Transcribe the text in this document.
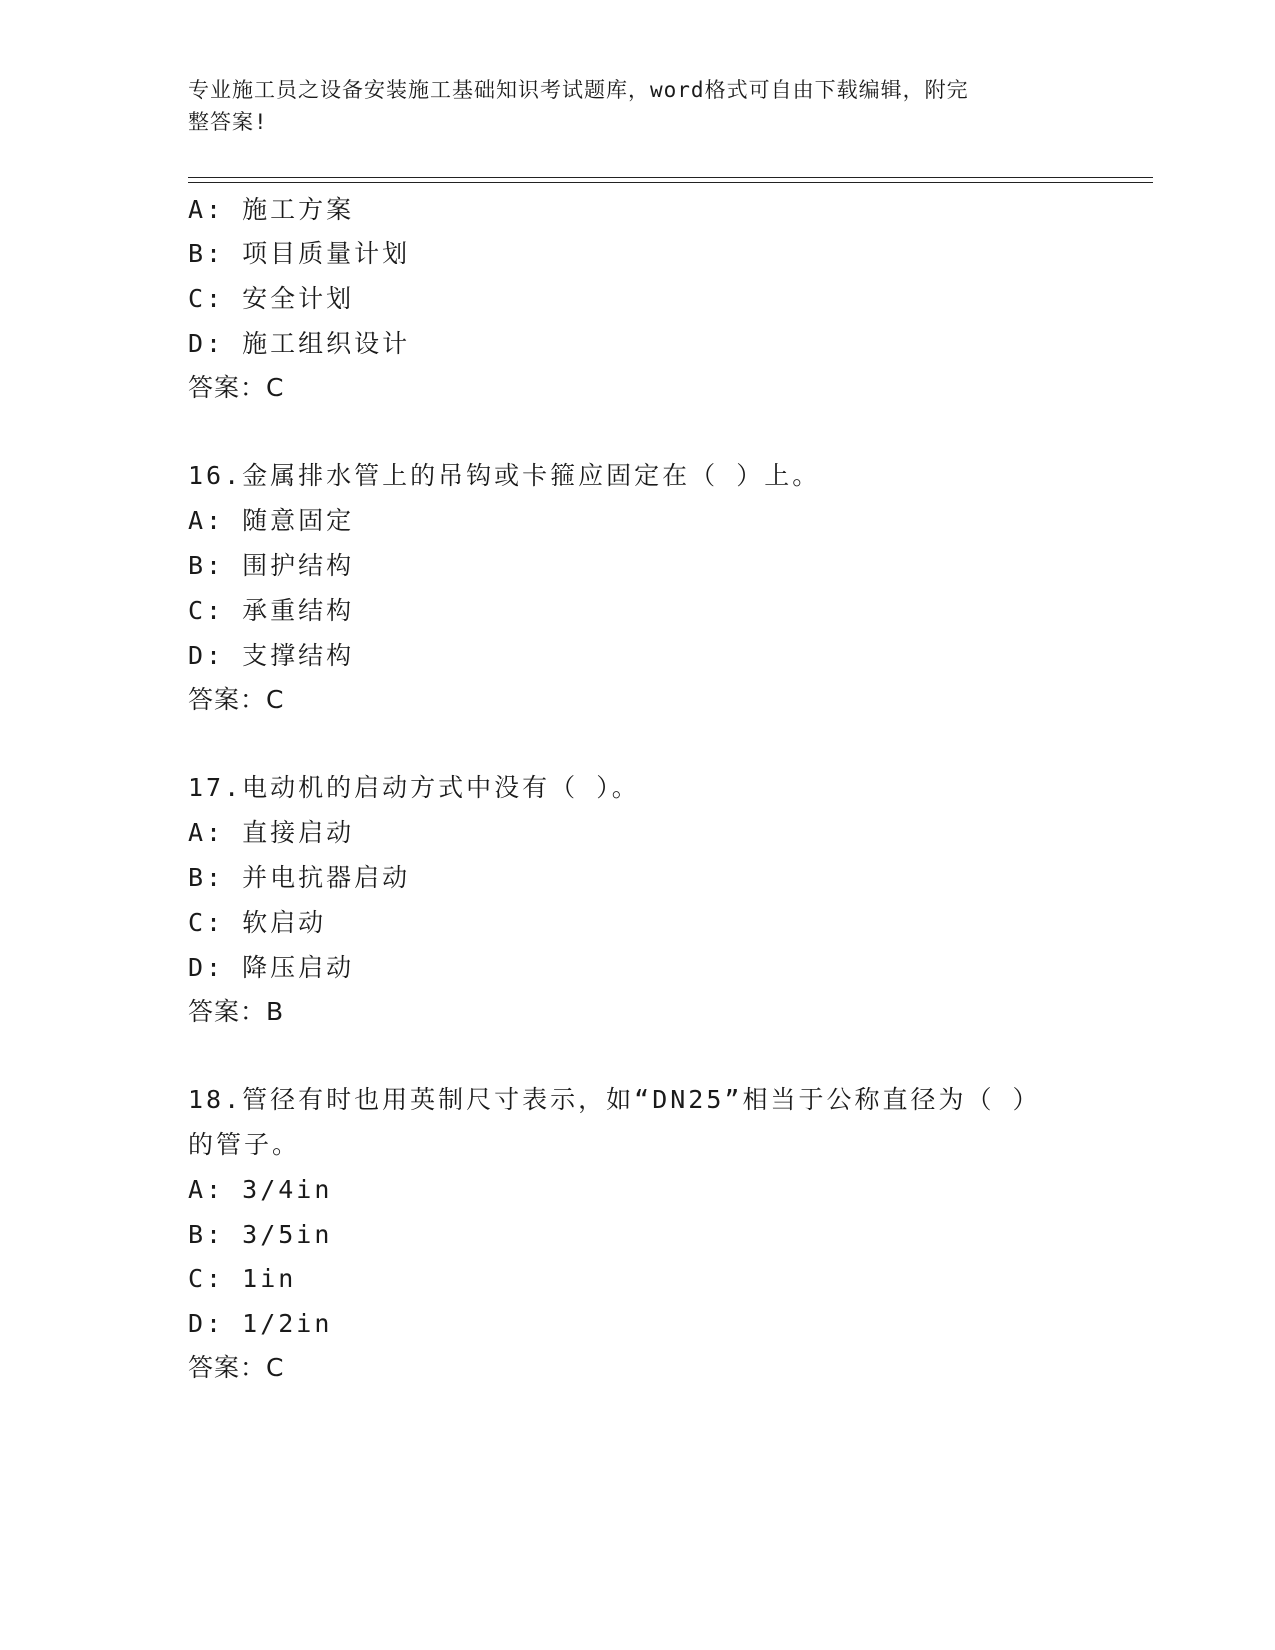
专业施工员之设备安装施工基础知识考试题库，word格式可自由下载编辑，附完
整答案!
A: 施工方案
B: 项目质量计划
C: 安全计划
D: 施工组织设计
答案：C
16.金属排水管上的吊钩或卡箍应固定在（ ）上。
A: 随意固定
B: 围护结构
C: 承重结构
D: 支撑结构
答案：C
17.电动机的启动方式中没有（ ）。
A: 直接启动
B: 并电抗器启动
C: 软启动
D: 降压启动
答案：B
18.管径有时也用英制尺寸表示，如“DN25”相当于公称直径为（ ）
的管子。
A: 3/4in
B: 3/5in
C: 1in
D: 1/2in
答案：C
